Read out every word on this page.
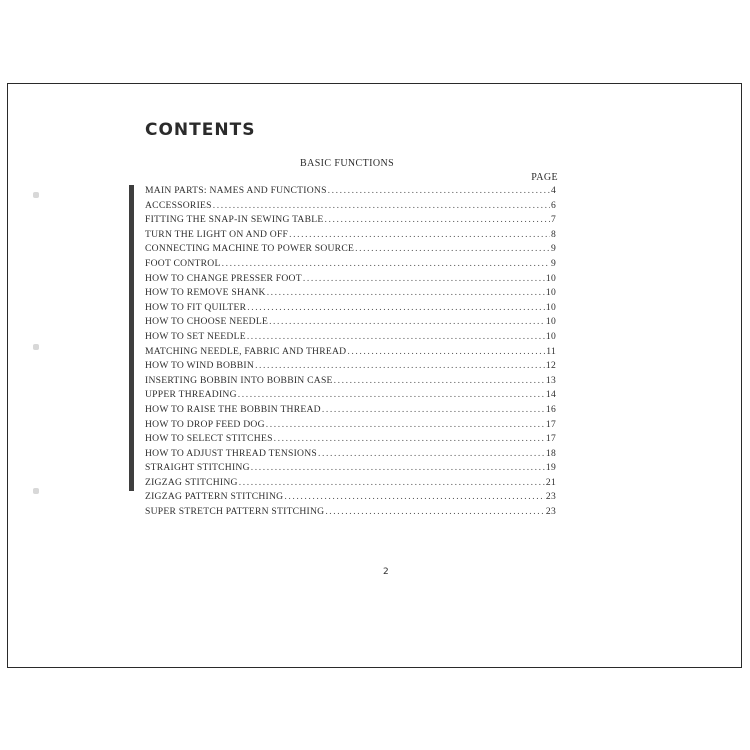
CONTENTS
BASIC FUNCTIONS
PAGE
MAIN PARTS: NAMES AND FUNCTIONS .....	4
ACCESSORIES .....	6
FITTING THE SNAP-IN SEWING TABLE .....	7
TURN THE LIGHT ON AND OFF .....	8
CONNECTING MACHINE TO POWER SOURCE .....	9
FOOT CONTROL .....	9
HOW TO CHANGE PRESSER FOOT .....	10
HOW TO REMOVE SHANK .....	10
HOW TO FIT QUILTER .....	10
HOW TO CHOOSE NEEDLE .....	10
HOW TO SET NEEDLE .....	10
MATCHING NEEDLE, FABRIC AND THREAD .....	11
HOW TO WIND BOBBIN .....	12
INSERTING BOBBIN INTO BOBBIN CASE .....	13
UPPER THREADING .....	14
HOW TO RAISE THE BOBBIN THREAD .....	16
HOW TO DROP FEED DOG .....	17
HOW TO SELECT STITCHES .....	17
HOW TO ADJUST THREAD TENSIONS .....	18
STRAIGHT STITCHING .....	19
ZIGZAG STITCHING .....	21
ZIGZAG PATTERN STITCHING .....	23
SUPER STRETCH PATTERN STITCHING .....	23
2
